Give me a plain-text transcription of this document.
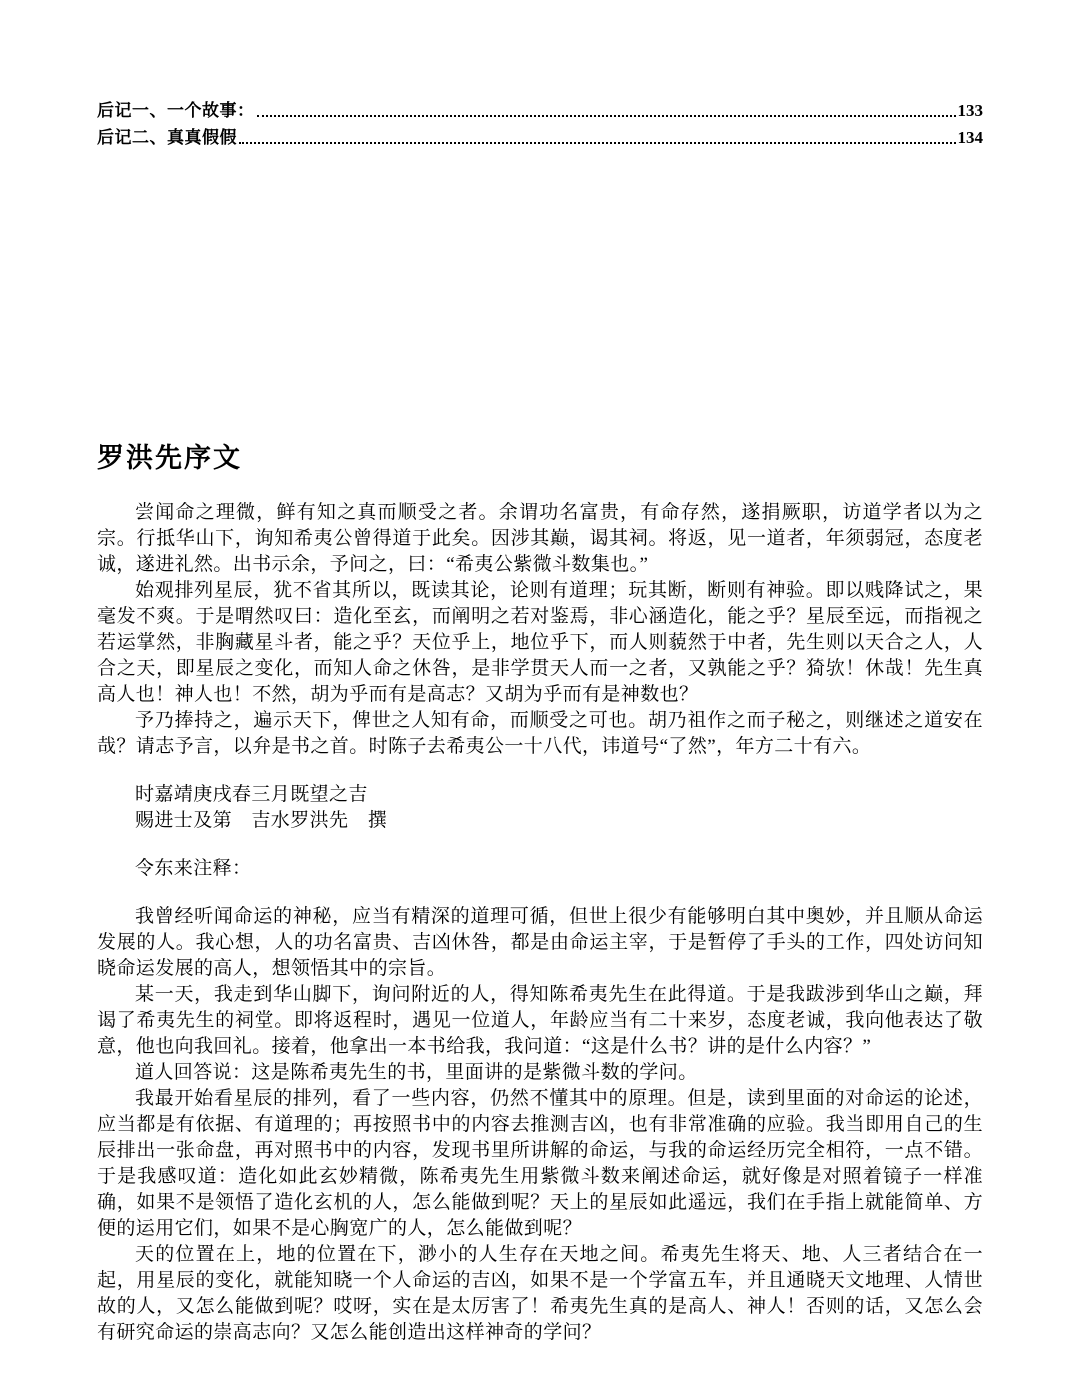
后记一、一个故事：	133
后记二、真真假假	134
罗洪先序文

尝闻命之理微，鲜有知之真而顺受之者。余谓功名富贵，有命存然，遂捐厥职，访道学者以为之宗。行抵华山下，询知希夷公曾得道于此矣。因涉其巅，谒其祠。将返，见一道者，年须弱冠，态度老诚，遂进礼然。出书示余，予问之，曰：“希夷公紫微斗数集也。”

始观排列星辰，犹不省其所以，既读其论，论则有道理；玩其断，断则有神验。即以贱降试之，果毫发不爽。于是喟然叹曰：造化至玄，而阐明之若对鉴焉，非心涵造化，能之乎？星辰至远，而指视之若运掌然，非胸藏星斗者，能之乎？天位乎上，地位乎下，而人则藐然于中者，先生则以天合之人，人合之天，即星辰之变化，而知人命之休咎，是非学贯天人而一之者，又孰能之乎？猗欤！休哉！先生真高人也！神人也！不然，胡为乎而有是高志？又胡为乎而有是神数也？

予乃捧持之，遍示天下，俾世之人知有命，而顺受之可也。胡乃祖作之而子秘之，则继述之道安在哉？请志予言，以弁是书之首。时陈子去希夷公一十八代，讳道号“了然”，年方二十有六。

时嘉靖庚戌春三月既望之吉
赐进士及第　吉水罗洪先　撰
令东来注释：

我曾经听闻命运的神秘，应当有精深的道理可循，但世上很少有能够明白其中奥妙，并且顺从命运发展的人。我心想，人的功名富贵、吉凶休咎，都是由命运主宰，于是暂停了手头的工作，四处访问知晓命运发展的高人，想领悟其中的宗旨。

某一天，我走到华山脚下，询问附近的人，得知陈希夷先生在此得道。于是我跋涉到华山之巅，拜谒了希夷先生的祠堂。即将返程时，遇见一位道人，年龄应当有二十来岁，态度老诚，我向他表达了敬意，他也向我回礼。接着，他拿出一本书给我，我问道：“这是什么书？讲的是什么内容？”

道人回答说：这是陈希夷先生的书，里面讲的是紫微斗数的学问。

我最开始看星辰的排列，看了一些内容，仍然不懂其中的原理。但是，读到里面的对命运的论述，应当都是有依据、有道理的；再按照书中的内容去推测吉凶，也有非常准确的应验。我当即用自己的生辰排出一张命盘，再对照书中的内容，发现书里所讲解的命运，与我的命运经历完全相符，一点不错。于是我感叹道：造化如此玄妙精微，陈希夷先生用紫微斗数来阐述命运，就好像是对照着镜子一样准确，如果不是领悟了造化玄机的人，怎么能做到呢？天上的星辰如此遥远，我们在手指上就能简单、方便的运用它们，如果不是心胸宽广的人，怎么能做到呢？

天的位置在上，地的位置在下，渺小的人生存在天地之间。希夷先生将天、地、人三者结合在一起，用星辰的变化，就能知晓一个人命运的吉凶，如果不是一个学富五车，并且通晓天文地理、人情世故的人，又怎么能做到呢？哎呀，实在是太厉害了！希夷先生真的是高人、神人！否则的话，又怎么会有研究命运的崇高志向？又怎么能创造出这样神奇的学问？
